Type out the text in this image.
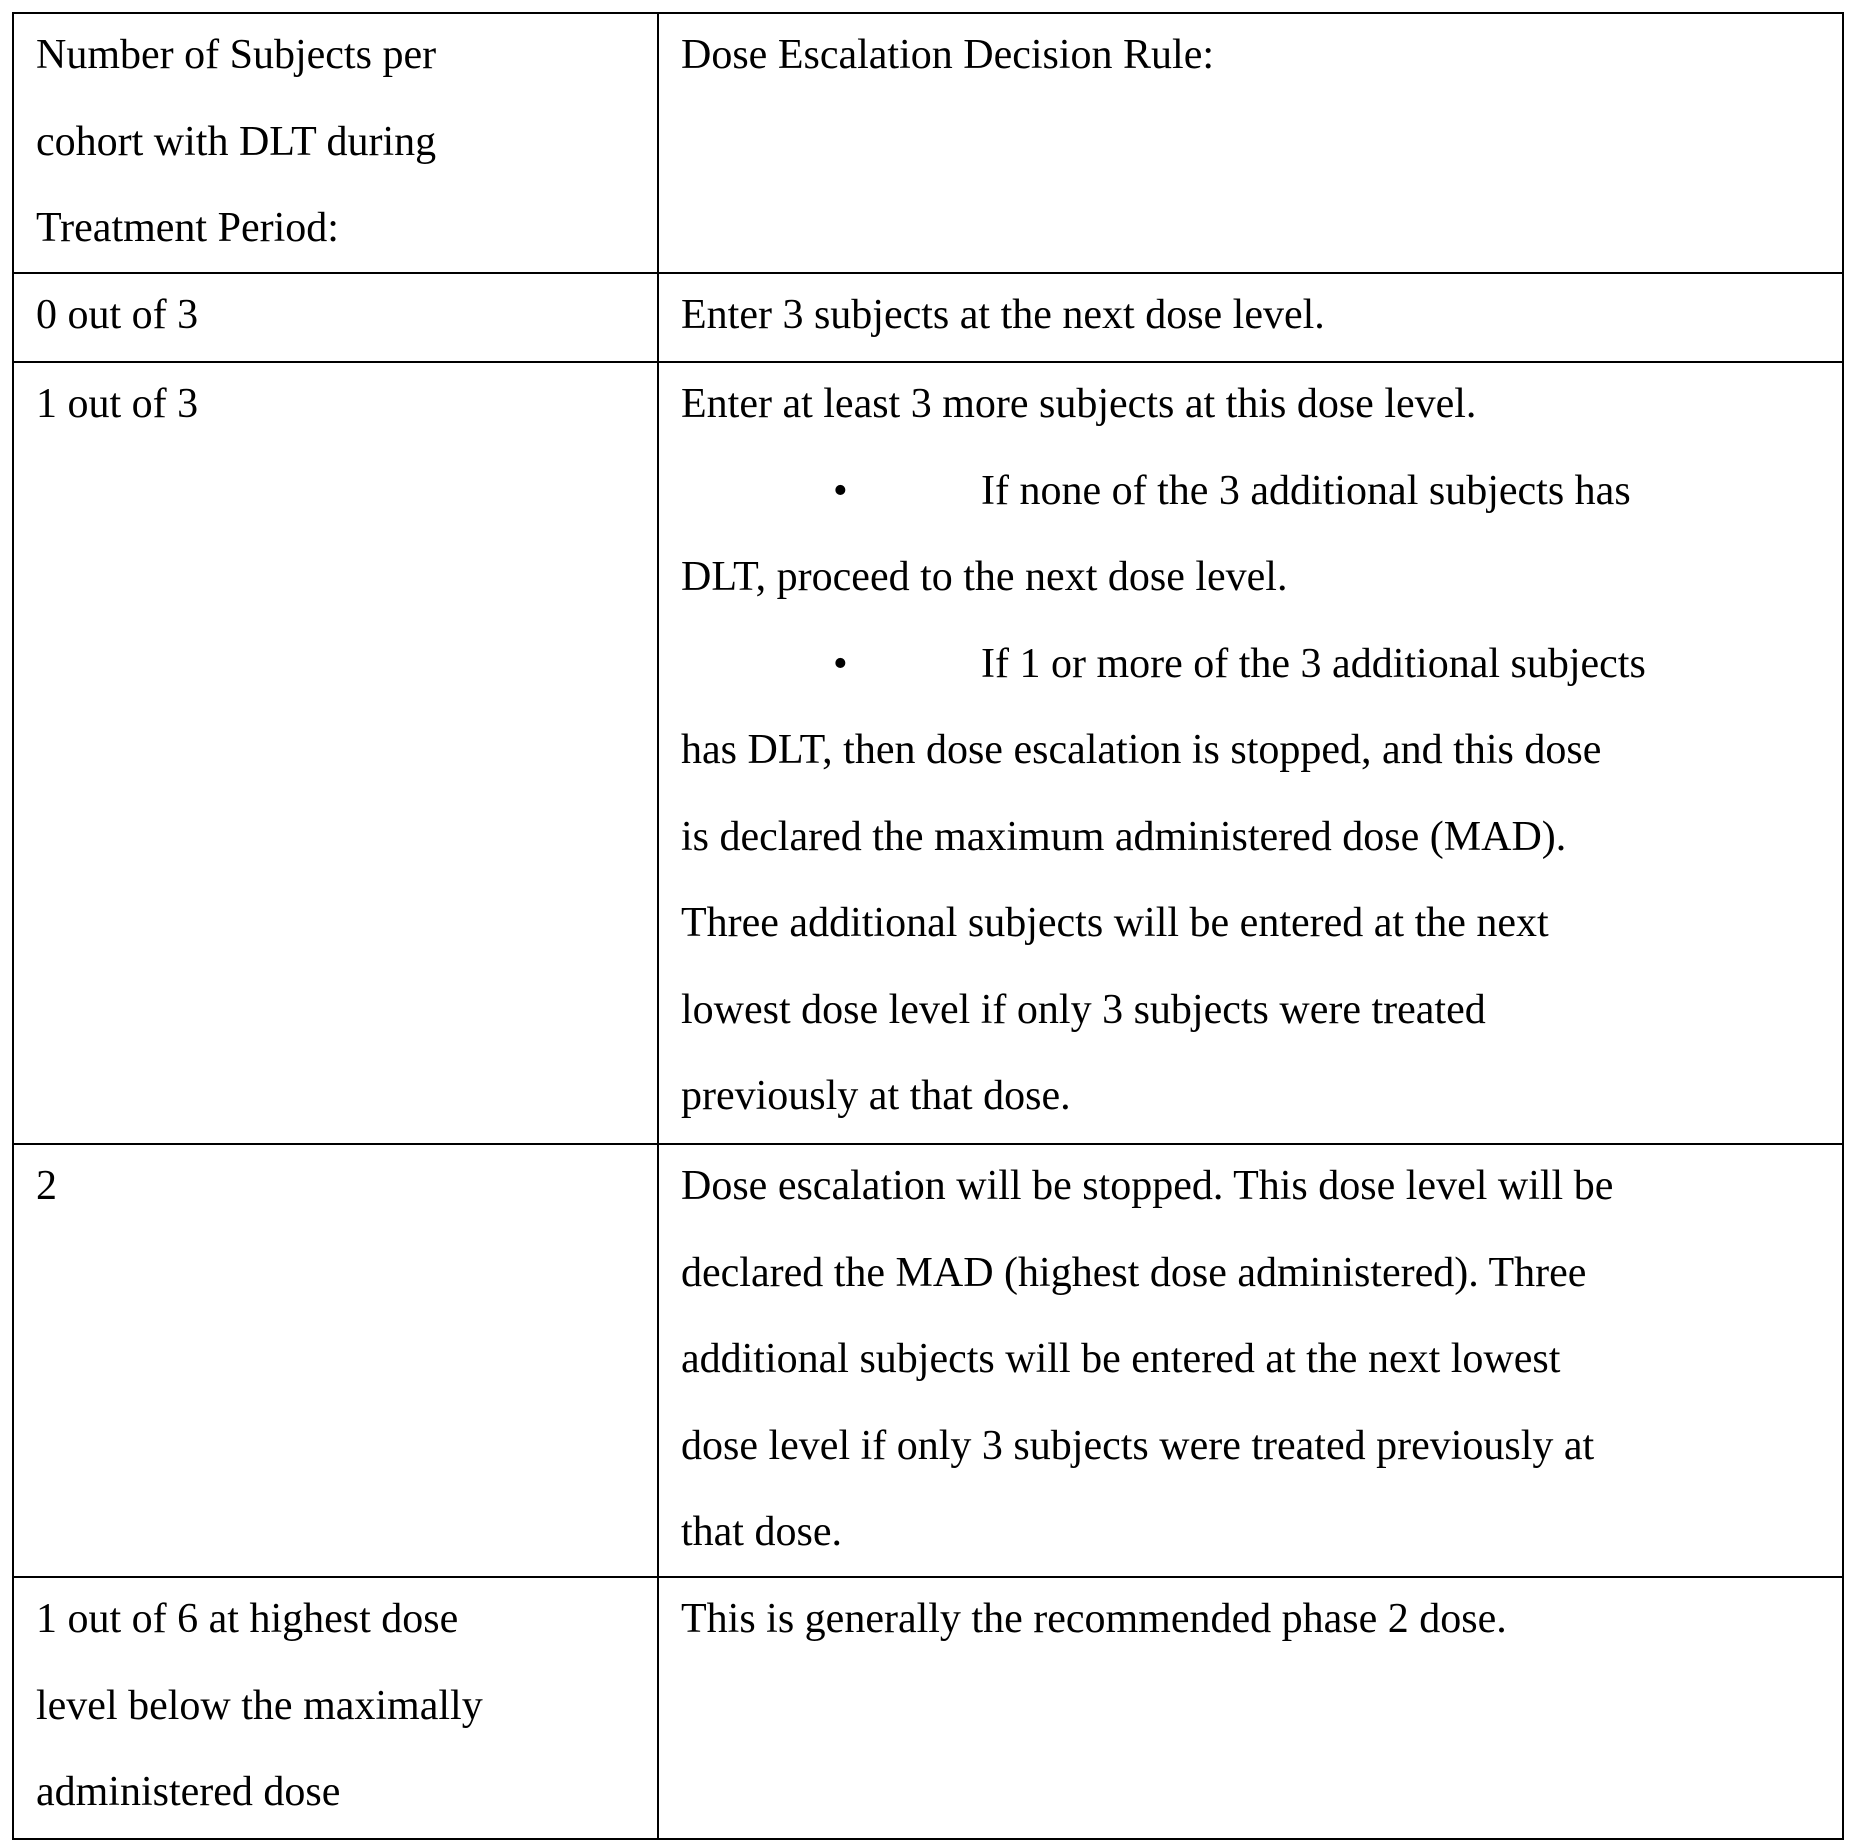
Number of Subjects per
cohort with DLT during
Treatment Period:

Dose Escalation Decision Rule:

0 out of 3	Enter 3 subjects at the next dose level.

1 out of 3	Enter at least 3 more subjects at this dose level.
•	If none of the 3 additional subjects has
DLT, proceed to the next dose level.
•	If 1 or more of the 3 additional subjects
has DLT, then dose escalation is stopped, and this dose
is declared the maximum administered dose (MAD).
Three additional subjects will be entered at the next
lowest dose level if only 3 subjects were treated
previously at that dose.

2	Dose escalation will be stopped. This dose level will be
declared the MAD (highest dose administered). Three
additional subjects will be entered at the next lowest
dose level if only 3 subjects were treated previously at
that dose.

1 out of 6 at highest dose
level below the maximally
administered dose

This is generally the recommended phase 2 dose.
